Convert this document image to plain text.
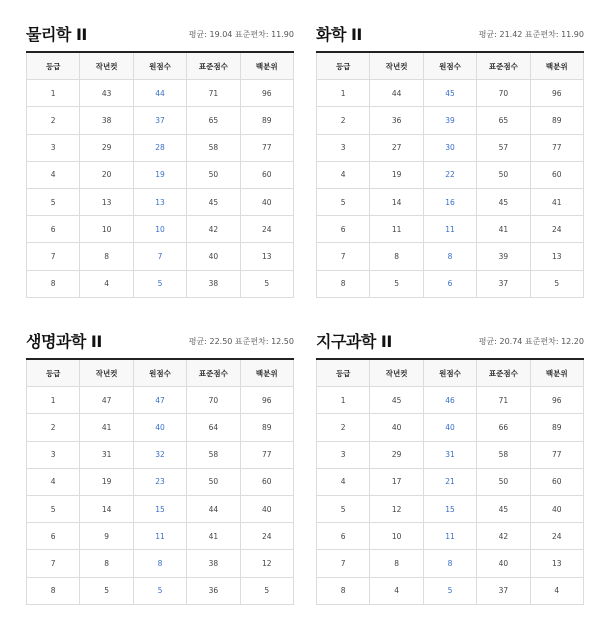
물리학 II	평균: 19.04 표준편차: 11.90
등급	작년컷	원점수	표준점수	백분위
1	43	44	71	96
2	38	37	65	89
3	29	28	58	77
4	20	19	50	60
5	13	13	45	40
6	10	10	42	24
7	8	7	40	13
8	4	5	38	5
화학 II	평균: 21.42 표준편차: 11.90
등급	작년컷	원점수	표준점수	백분위
1	44	45	70	96
2	36	39	65	89
3	27	30	57	77
4	19	22	50	60
5	14	16	45	41
6	11	11	41	24
7	8	8	39	13
8	5	6	37	5
생명과학 II	평균: 22.50 표준편차: 12.50
등급	작년컷	원점수	표준점수	백분위
1	47	47	70	96
2	41	40	64	89
3	31	32	58	77
4	19	23	50	60
5	14	15	44	40
6	9	11	41	24
7	8	8	38	12
8	5	5	36	5
지구과학 II	평균: 20.74 표준편차: 12.20
등급	작년컷	원점수	표준점수	백분위
1	45	46	71	96
2	40	40	66	89
3	29	31	58	77
4	17	21	50	60
5	12	15	45	40
6	10	11	42	24
7	8	8	40	13
8	4	5	37	4
